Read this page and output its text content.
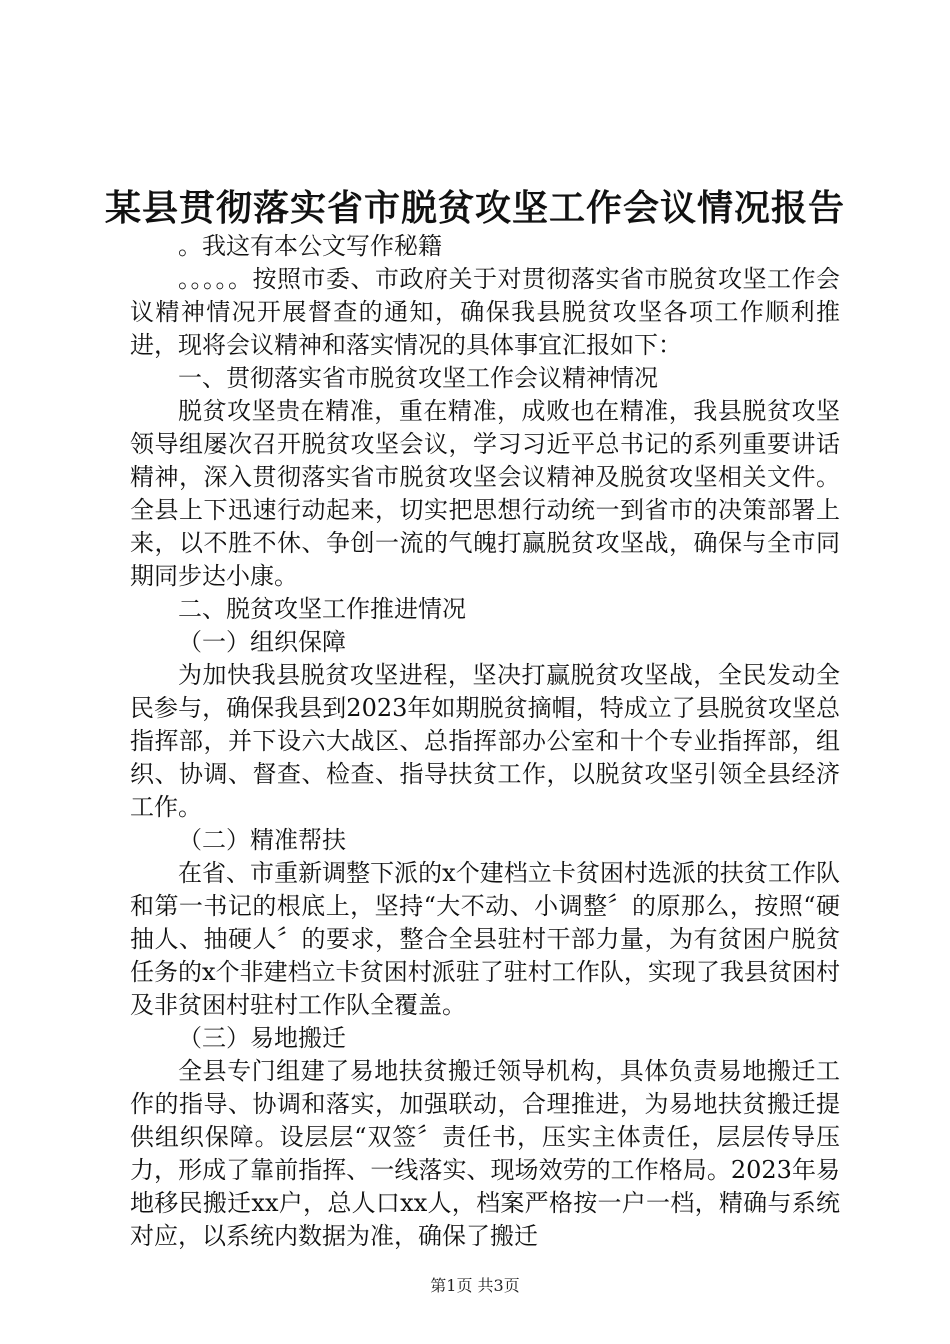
某县贯彻落实省市脱贫攻坚工作会议情况报告

。我这有本公文写作秘籍

。。。。。按照市委、市政府关于对贯彻落实省市脱贫攻坚工作会议精神情况开展督查的通知，确保我县脱贫攻坚各项工作顺利推进，现将会议精神和落实情况的具体事宜汇报如下：

一、贯彻落实省市脱贫攻坚工作会议精神情况

脱贫攻坚贵在精准，重在精准，成败也在精准，我县脱贫攻坚领导组屡次召开脱贫攻坚会议，学习习近平总书记的系列重要讲话精神，深入贯彻落实省市脱贫攻坚会议精神及脱贫攻坚相关文件。全县上下迅速行动起来，切实把思想行动统一到省市的决策部署上来，以不胜不休、争创一流的气魄打赢脱贫攻坚战，确保与全市同期同步达小康。

二、脱贫攻坚工作推进情况

（一）组织保障

为加快我县脱贫攻坚进程，坚决打赢脱贫攻坚战，全民发动全民参与，确保我县到2023年如期脱贫摘帽，特成立了县脱贫攻坚总指挥部，并下设六大战区、总指挥部办公室和十个专业指挥部，组织、协调、督查、检查、指导扶贫工作，以脱贫攻坚引领全县经济工作。

（二）精准帮扶

在省、市重新调整下派的x个建档立卡贫困村选派的扶贫工作队和第一书记的根底上，坚持“大不动、小调整〞的原那么，按照“硬抽人、抽硬人〞的要求，整合全县驻村干部力量，为有贫困户脱贫任务的x个非建档立卡贫困村派驻了驻村工作队，实现了我县贫困村及非贫困村驻村工作队全覆盖。

（三）易地搬迁

全县专门组建了易地扶贫搬迁领导机构，具体负责易地搬迁工作的指导、协调和落实，加强联动，合理推进，为易地扶贫搬迁提供组织保障。设层层“双签〞责任书，压实主体责任，层层传导压力，形成了靠前指挥、一线落实、现场效劳的工作格局。2023年易地移民搬迁xx户，总人口xx人，档案严格按一户一档，精确与系统对应，以系统内数据为准，确保了搬迁

第1页 共3页
